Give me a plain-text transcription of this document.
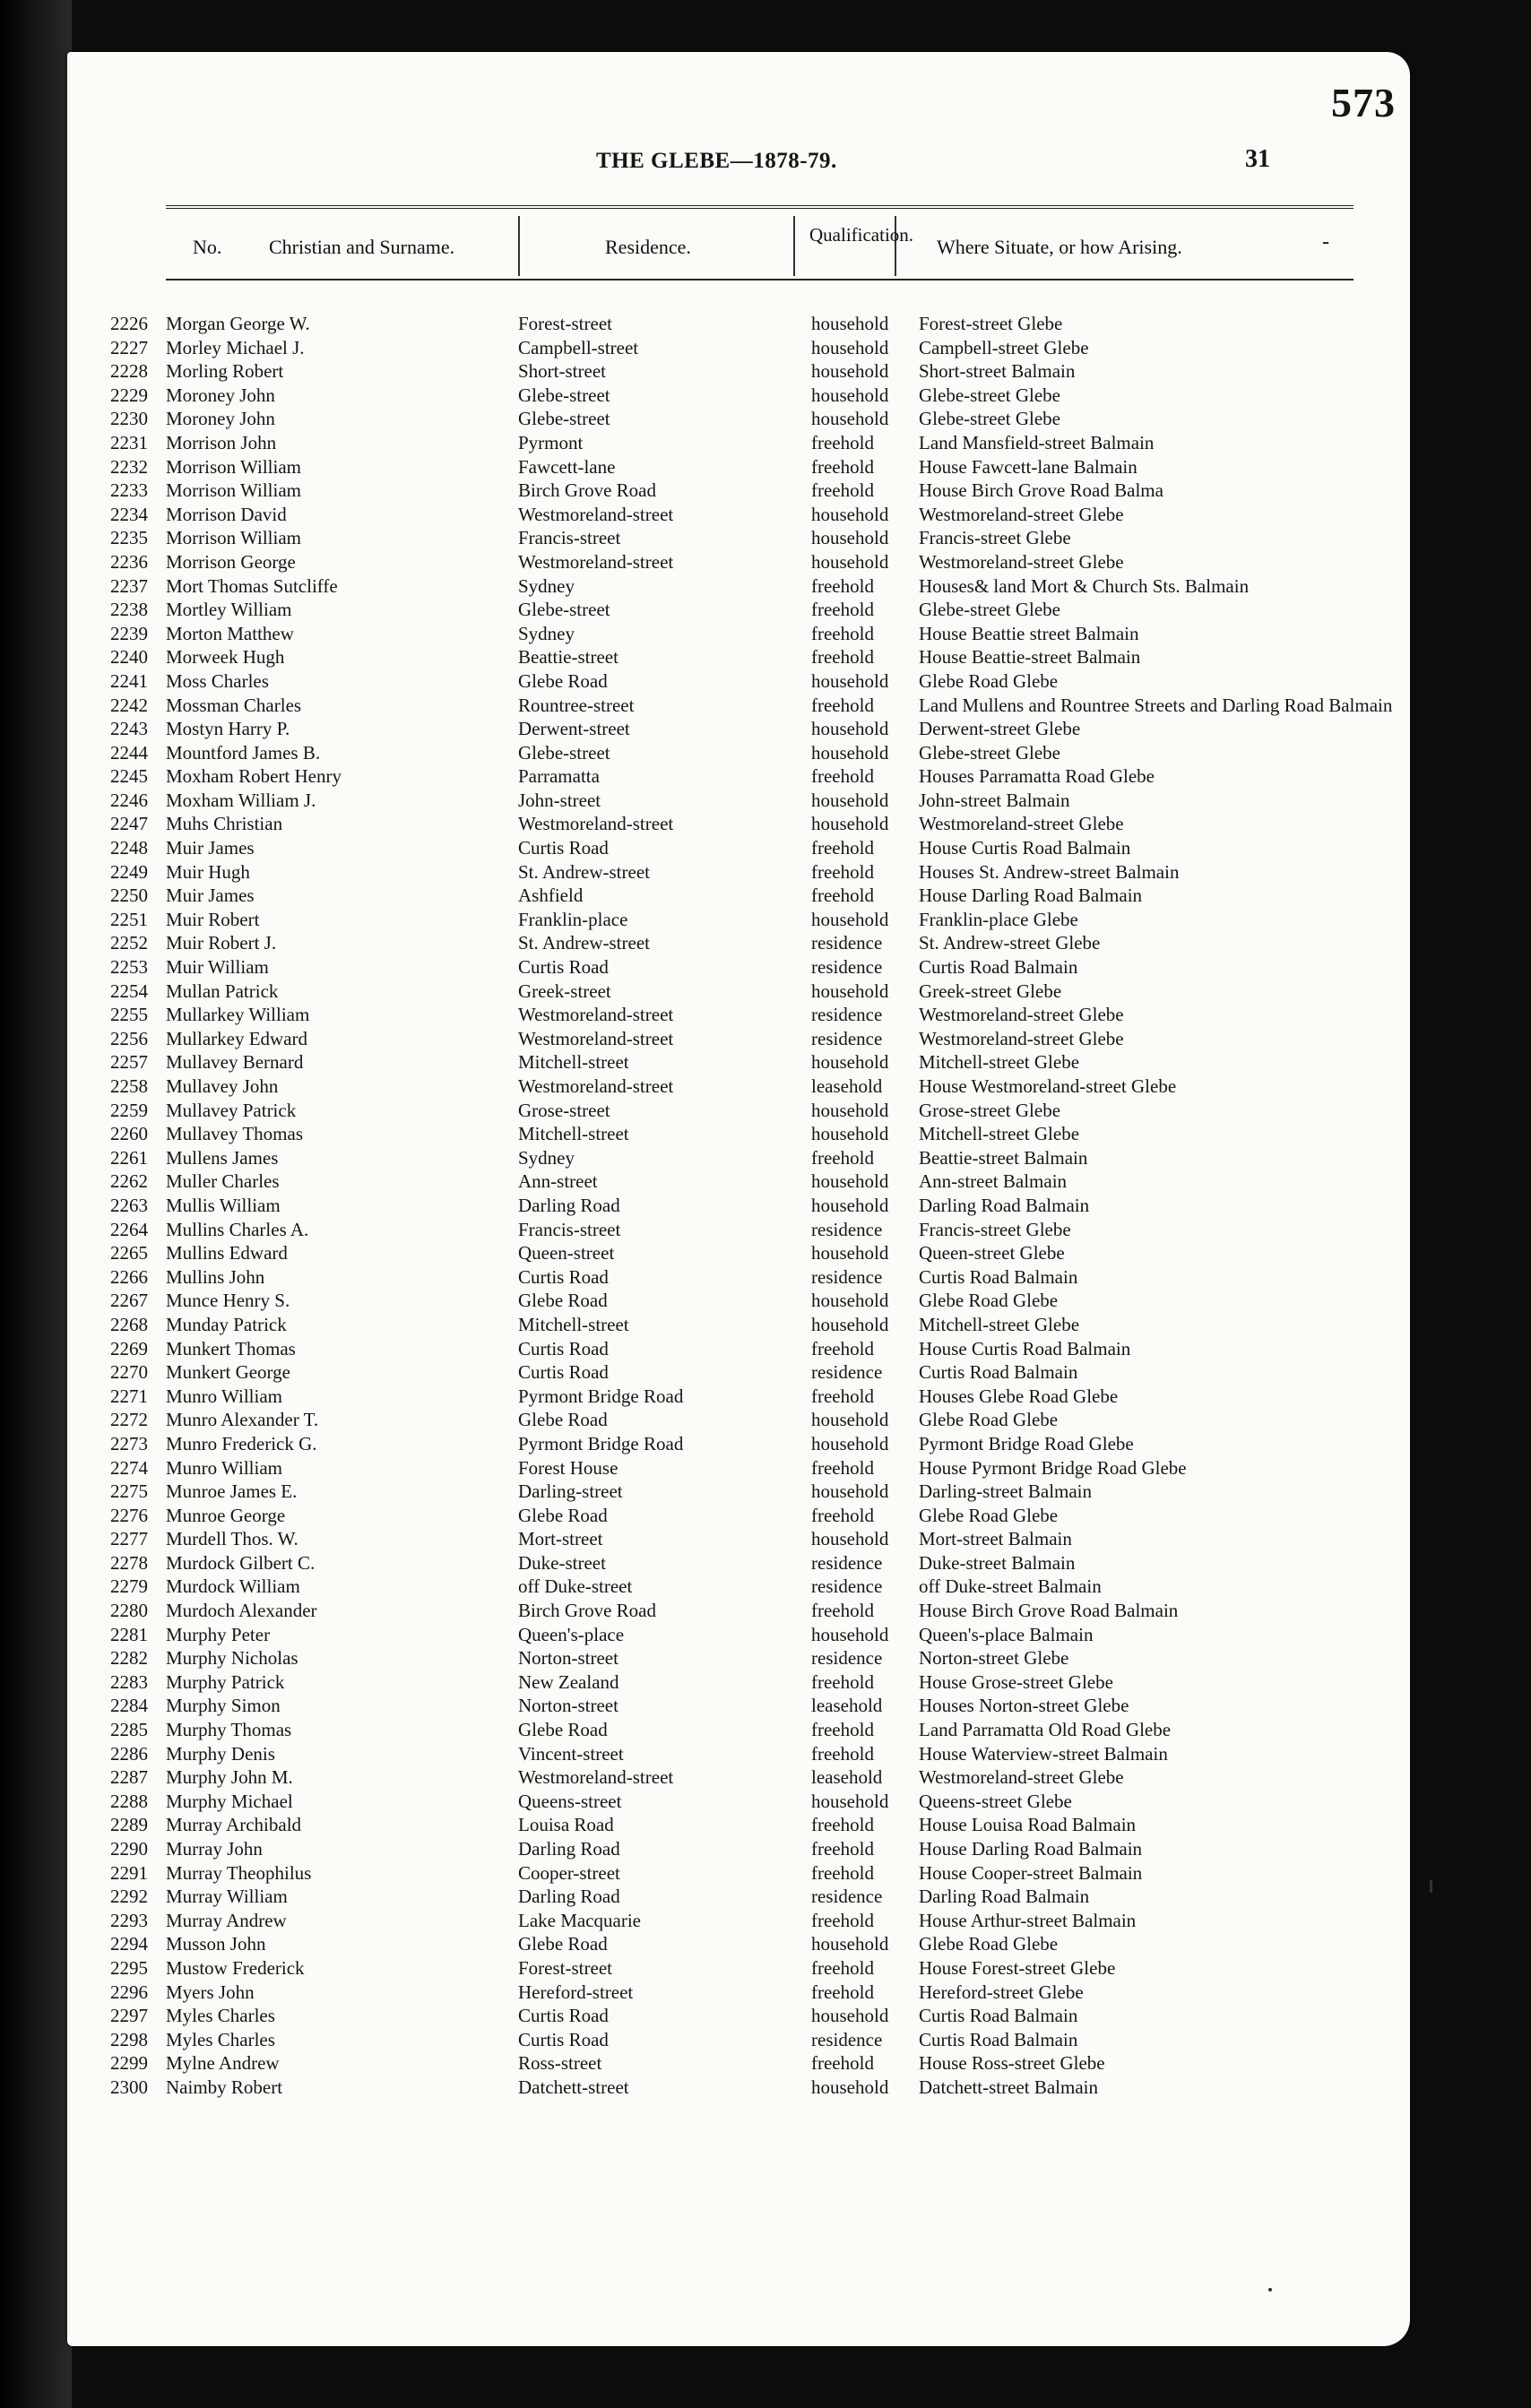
573
THE GLEBE—1878-79.	31
No. Christian and Surname.	Residence.
Qualification.
Where Situate, or how Arising.	-
2226 Morgan George W.	Forest-street	household Forest-street Glebe
2227 Morley Michael J.	Campbell-street	household Campbell-street Glebe
2228 Morling Robert	Short-street	household Short-street Balmain
2229 Moroney John	Glebe-street	household Glebe-street Glebe
2230 Moroney John	Glebe-street	household Glebe-street Glebe
2231 Morrison John	Pyrmont	freehold Land Mansfield-street Balmain
2232 Morrison William	Fawcett-lane	freehold House Fawcett-lane Balmain
2233 Morrison William	Birch Grove Road	freehold House Birch Grove Road Balma
2234 Morrison David	Westmoreland-street	household Westmoreland-street Glebe
2235 Morrison William	Francis-street	household Francis-street Glebe
2236 Morrison George	Westmoreland-street	household Westmoreland-street Glebe
2237 Mort Thomas Sutcliffe	Sydney	freehold Houses& land Mort & Church Sts. Balmain
2238 Mortley William	Glebe-street	freehold Glebe-street Glebe
2239 Morton Matthew	Sydney	freehold House Beattie street Balmain
2240 Morweek Hugh	Beattie-street	freehold House Beattie-street Balmain
2241 Moss Charles	Glebe Road	household Glebe Road Glebe
2242 Mossman Charles	Rountree-street	freehold Land Mullens and Rountree Streets and Darling Road Balmain
2243 Mostyn Harry P.	Derwent-street	household Derwent-street Glebe
2244 Mountford James B.	Glebe-street	household Glebe-street Glebe
2245 Moxham Robert Henry	Parramatta	freehold Houses Parramatta Road Glebe
2246 Moxham William J.	John-street	household John-street Balmain
2247 Muhs Christian	Westmoreland-street	household Westmoreland-street Glebe
2248 Muir James	Curtis Road	freehold House Curtis Road Balmain
2249 Muir Hugh	St. Andrew-street	freehold Houses St. Andrew-street Balmain
2250 Muir James	Ashfield	freehold House Darling Road Balmain
2251 Muir Robert	Franklin-place	household Franklin-place Glebe
2252 Muir Robert J.	St. Andrew-street	residence St. Andrew-street Glebe
2253 Muir William	Curtis Road	residence Curtis Road Balmain
2254 Mullan Patrick	Greek-street	household Greek-street Glebe
2255 Mullarkey William	Westmoreland-street	residence Westmoreland-street Glebe
2256 Mullarkey Edward	Westmoreland-street	residence Westmoreland-street Glebe
2257 Mullavey Bernard	Mitchell-street	household Mitchell-street Glebe
2258 Mullavey John	Westmoreland-street	leasehold House Westmoreland-street Glebe
2259 Mullavey Patrick	Grose-street	household Grose-street Glebe
2260 Mullavey Thomas	Mitchell-street	household Mitchell-street Glebe
2261 Mullens James	Sydney	freehold Beattie-street Balmain
2262 Muller Charles	Ann-street	household Ann-street Balmain
2263 Mullis William	Darling Road	household Darling Road Balmain
2264 Mullins Charles A.	Francis-street	residence Francis-street Glebe
2265 Mullins Edward	Queen-street	household Queen-street Glebe
2266 Mullins John	Curtis Road	residence Curtis Road Balmain
2267 Munce Henry S.	Glebe Road	household Glebe Road Glebe
2268 Munday Patrick	Mitchell-street	household Mitchell-street Glebe
2269 Munkert Thomas	Curtis Road	freehold House Curtis Road Balmain
2270 Munkert George	Curtis Road	residence Curtis Road Balmain
2271 Munro William	Pyrmont Bridge Road	freehold Houses Glebe Road Glebe
2272 Munro Alexander T.	Glebe Road	household Glebe Road Glebe
2273 Munro Frederick G.	Pyrmont Bridge Road	household Pyrmont Bridge Road Glebe
2274 Munro William	Forest House	freehold House Pyrmont Bridge Road Glebe
2275 Munroe James E.	Darling-street	household Darling-street Balmain
2276 Munroe George	Glebe Road	freehold Glebe Road Glebe
2277 Murdell Thos. W.	Mort-street	household Mort-street Balmain
2278 Murdock Gilbert C.	Duke-street	residence Duke-street Balmain
2279 Murdock William	off Duke-street	residence off Duke-street Balmain
2280 Murdoch Alexander	Birch Grove Road	freehold House Birch Grove Road Balmain
2281 Murphy Peter	Queen's-place	household Queen's-place Balmain
2282 Murphy Nicholas	Norton-street	residence Norton-street Glebe
2283 Murphy Patrick	New Zealand	freehold House Grose-street Glebe
2284 Murphy Simon	Norton-street	leasehold Houses Norton-street Glebe
2285 Murphy Thomas	Glebe Road	freehold Land Parramatta Old Road Glebe
2286 Murphy Denis	Vincent-street	freehold House Waterview-street Balmain
2287 Murphy John M.	Westmoreland-street	leasehold Westmoreland-street Glebe
2288 Murphy Michael	Queens-street	household Queens-street Glebe
2289 Murray Archibald	Louisa Road	freehold House Louisa Road Balmain
2290 Murray John	Darling Road	freehold House Darling Road Balmain
2291 Murray Theophilus	Cooper-street	freehold House Cooper-street Balmain
2292 Murray William	Darling Road	residence Darling Road Balmain
2293 Murray Andrew	Lake Macquarie	freehold House Arthur-street Balmain
2294 Musson John	Glebe Road	household Glebe Road Glebe
2295 Mustow Frederick	Forest-street	freehold House Forest-street Glebe
2296 Myers John	Hereford-street	freehold Hereford-street Glebe
2297 Myles Charles	Curtis Road	household Curtis Road Balmain
2298 Myles Charles	Curtis Road	residence Curtis Road Balmain
2299 Mylne Andrew	Ross-street	freehold House Ross-street Glebe
2300 Naimby Robert	Datchett-street	household Datchett-street Balmain
